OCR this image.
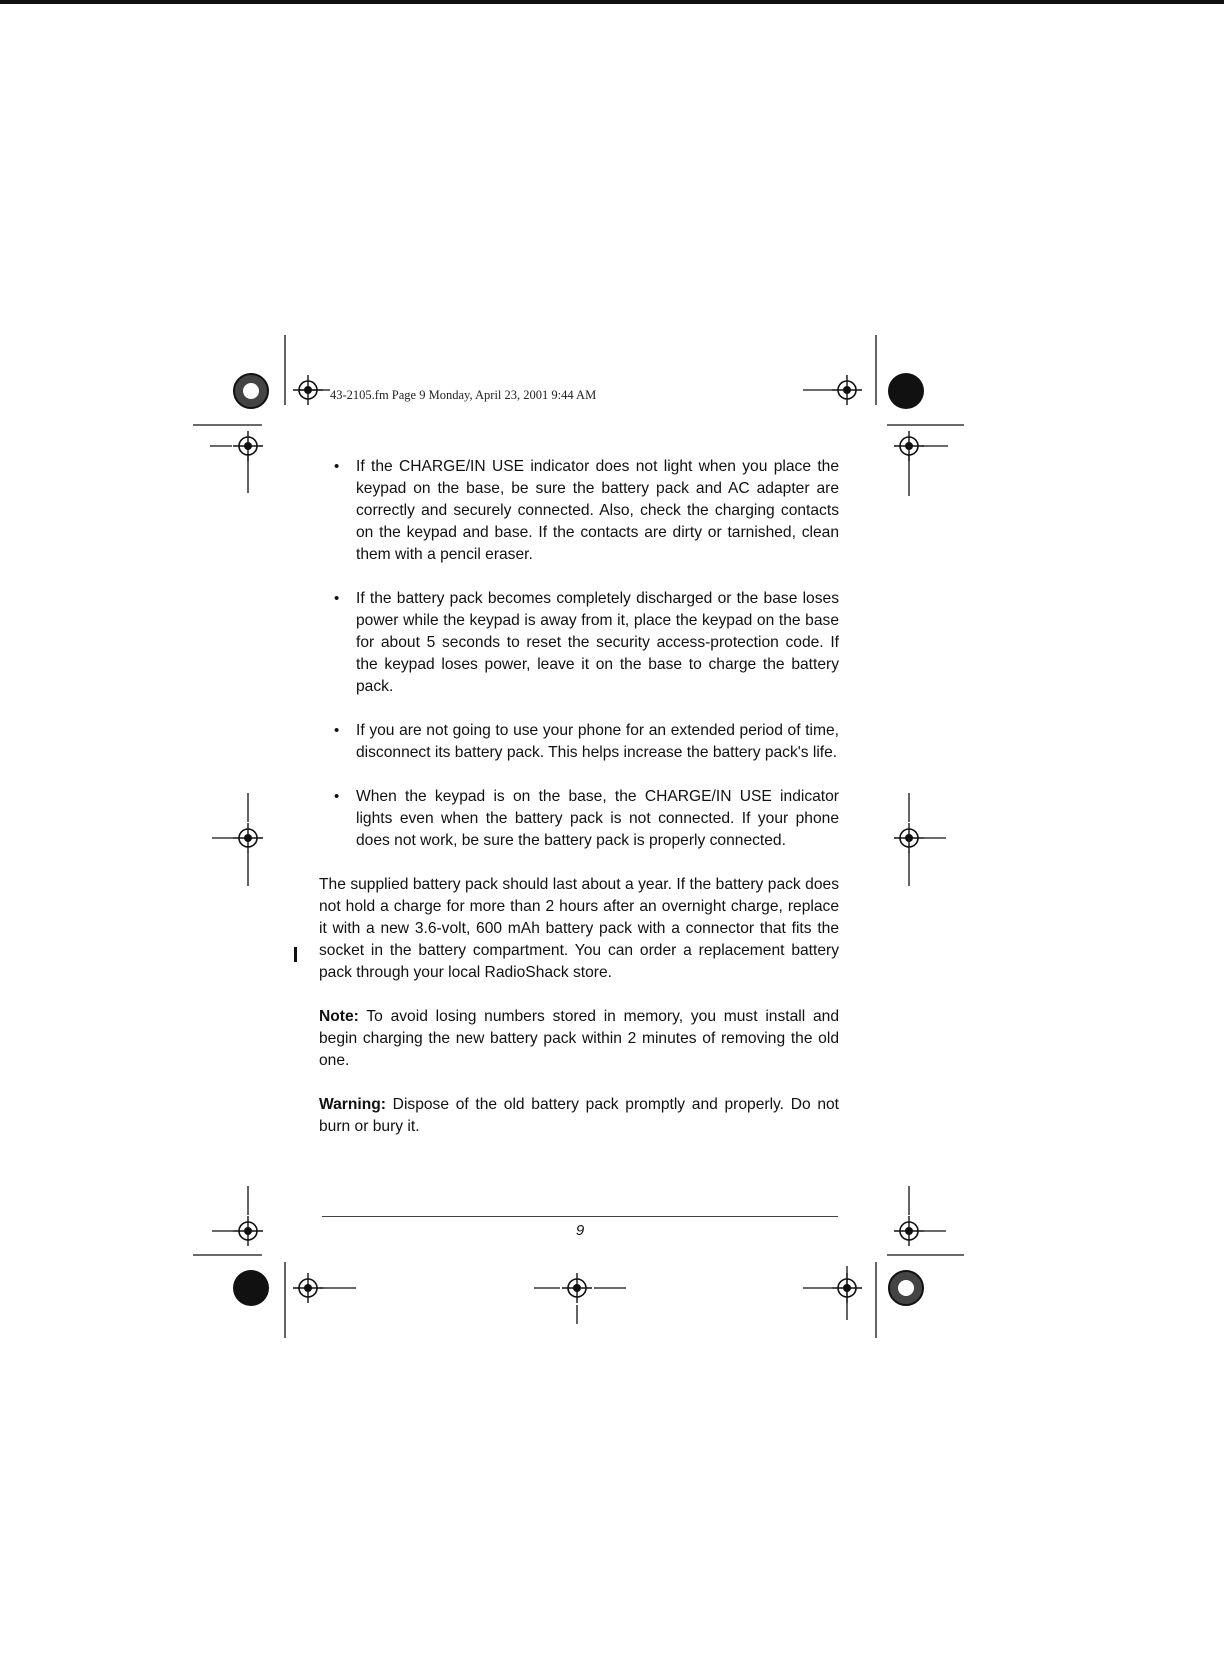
43-2105.fm Page 9 Monday, April 23, 2001 9:44 AM
• If the CHARGE/IN USE indicator does not light when you place the keypad on the base, be sure the battery pack and AC adapter are correctly and securely connected. Also, check the charging contacts on the keypad and base. If the contacts are dirty or tarnished, clean them with a pencil eraser.
• If the battery pack becomes completely discharged or the base loses power while the keypad is away from it, place the keypad on the base for about 5 seconds to reset the security access-protection code. If the keypad loses power, leave it on the base to charge the battery pack.
• If you are not going to use your phone for an extended period of time, disconnect its battery pack. This helps increase the battery pack's life.
• When the keypad is on the base, the CHARGE/IN USE indicator lights even when the battery pack is not connected. If your phone does not work, be sure the battery pack is properly connected.

The supplied battery pack should last about a year. If the battery pack does not hold a charge for more than 2 hours after an overnight charge, replace it with a new 3.6-volt, 600 mAh battery pack with a connector that fits the socket in the battery compartment. You can order a replacement battery pack through your local RadioShack store.

Note: To avoid losing numbers stored in memory, you must install and begin charging the new battery pack within 2 minutes of removing the old one.

Warning: Dispose of the old battery pack promptly and properly. Do not burn or bury it.

9
